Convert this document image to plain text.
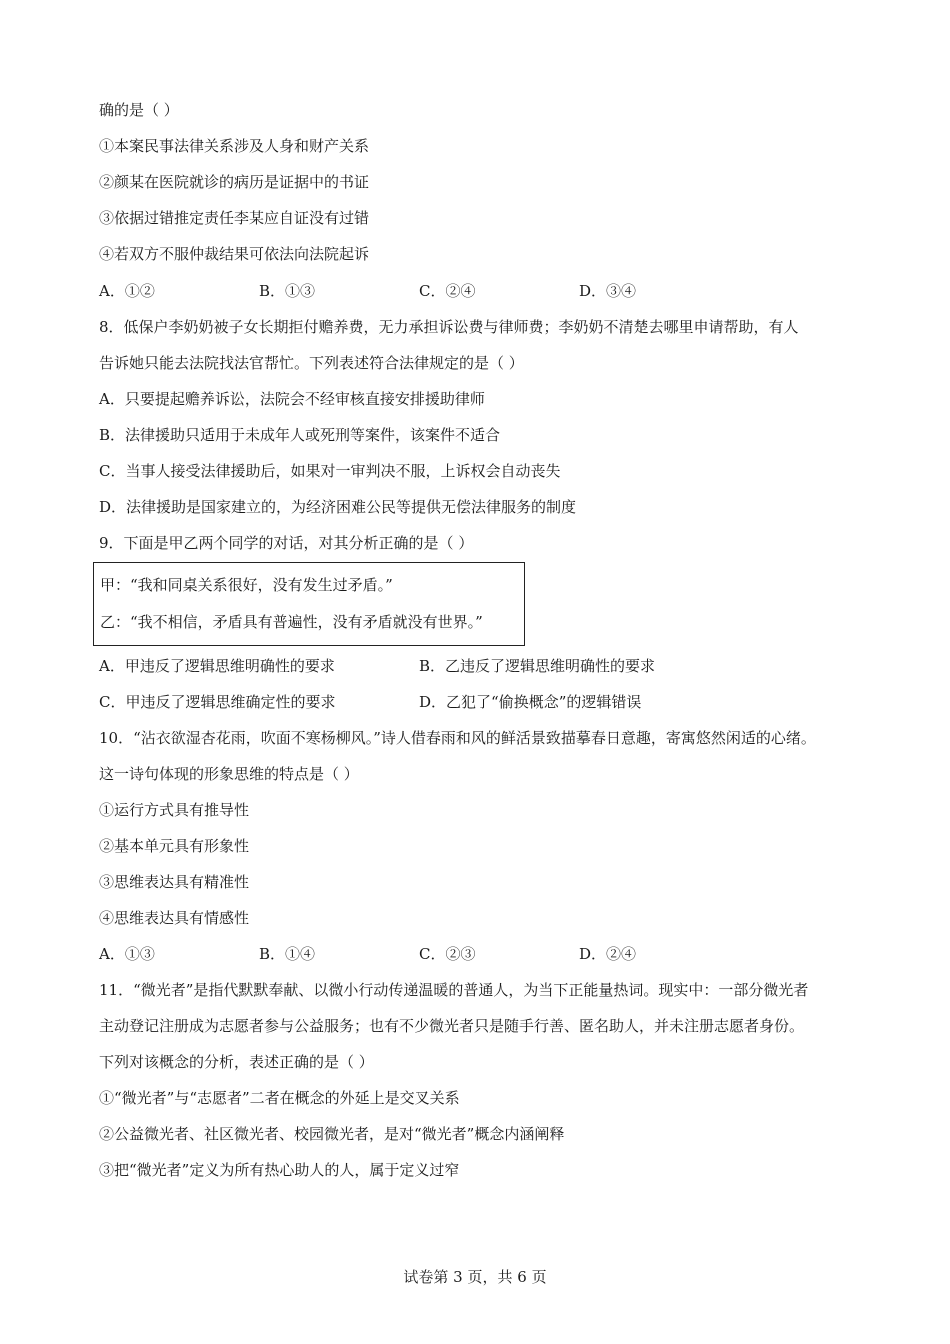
确的是（ ）
①本案民事法律关系涉及人身和财产关系
②颜某在医院就诊的病历是证据中的书证
③依据过错推定责任李某应自证没有过错
④若双方不服仲裁结果可依法向法院起诉
A．①②	B．①③	C．②④	D．③④
8．低保户李奶奶被子女长期拒付赡养费，无力承担诉讼费与律师费；李奶奶不清楚去哪里申请帮助，有人
告诉她只能去法院找法官帮忙。下列表述符合法律规定的是（ ）
A．只要提起赡养诉讼，法院会不经审核直接安排援助律师
B．法律援助只适用于未成年人或死刑等案件，该案件不适合
C．当事人接受法律援助后，如果对一审判决不服，上诉权会自动丧失
D．法律援助是国家建立的，为经济困难公民等提供无偿法律服务的制度
9．下面是甲乙两个同学的对话，对其分析正确的是（ ）
甲：“我和同桌关系很好，没有发生过矛盾。”
乙：“我不相信，矛盾具有普遍性，没有矛盾就没有世界。”
A．甲违反了逻辑思维明确性的要求	B．乙违反了逻辑思维明确性的要求
C．甲违反了逻辑思维确定性的要求	D．乙犯了“偷换概念”的逻辑错误
10．“沾衣欲湿杏花雨，吹面不寒杨柳风。”诗人借春雨和风的鲜活景致描摹春日意趣，寄寓悠然闲适的心绪。
这一诗句体现的形象思维的特点是（ ）
①运行方式具有推导性
②基本单元具有形象性
③思维表达具有精准性
④思维表达具有情感性
A．①③	B．①④	C．②③	D．②④
11．“微光者”是指代默默奉献、以微小行动传递温暖的普通人，为当下正能量热词。现实中：一部分微光者
主动登记注册成为志愿者参与公益服务；也有不少微光者只是随手行善、匿名助人，并未注册志愿者身份。
下列对该概念的分析，表述正确的是（ ）
①“微光者”与“志愿者”二者在概念的外延上是交叉关系
②公益微光者、社区微光者、校园微光者，是对“微光者”概念内涵阐释
③把“微光者”定义为所有热心助人的人，属于定义过窄
试卷第 3 页，共 6 页
